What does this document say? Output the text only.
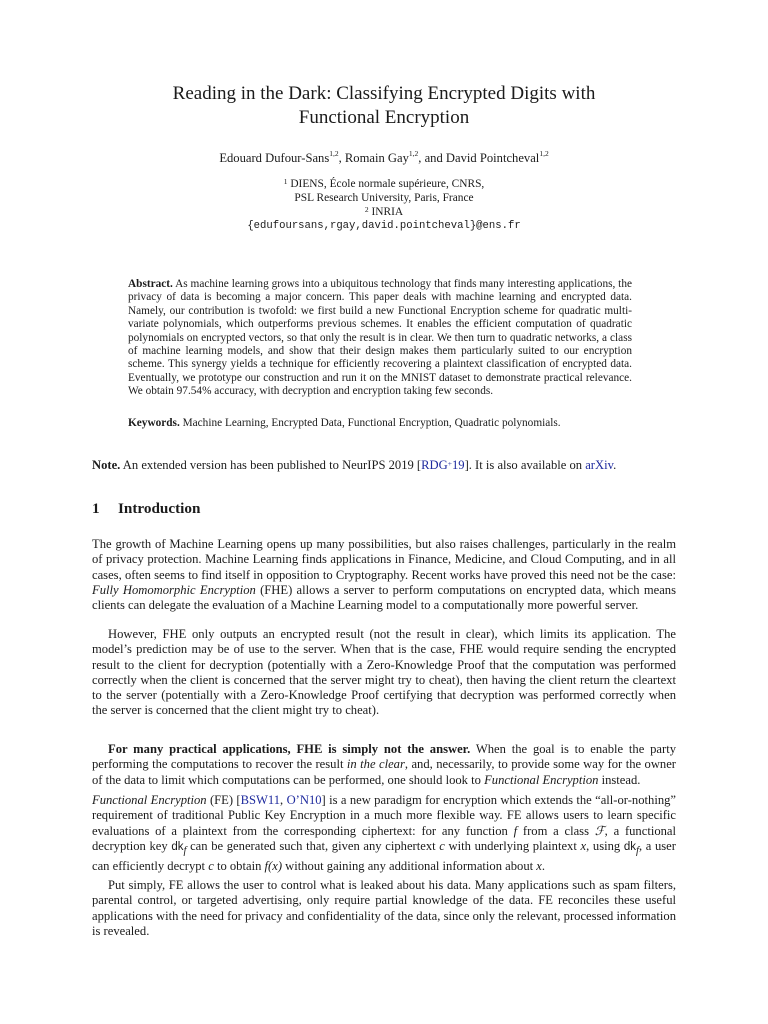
Reading in the Dark: Classifying Encrypted Digits with
Functional Encryption
Edouard Dufour-Sans$^{1,2}$, Romain Gay$^{1,2}$, and David Pointcheval$^{1,2}$
$^1$ DIENS, École normale supérieure, CNRS,
PSL Research University, Paris, France
$^2$ INRIA
{edufoursans,rgay,david.pointcheval}@ens.fr
Abstract. As machine learning grows into a ubiquitous technology that finds many interesting applications, the privacy of data is becoming a major concern. This paper deals with machine learning and encrypted data. Namely, our contribution is twofold: we first build a new Functional Encryption scheme for quadratic multi-variate polynomials, which outperforms previous schemes. It enables the efficient computation of quadratic polynomials on encrypted vectors, so that only the result is in clear. We then turn to quadratic networks, a class of machine learning models, and show that their design makes them particularly suited to our encryption scheme. This synergy yields a technique for efficiently recovering a plaintext classification of encrypted data. Eventually, we prototype our construction and run it on the MNIST dataset to demonstrate practical relevance. We obtain 97.54% accuracy, with decryption and encryption taking few seconds.
Keywords. Machine Learning, Encrypted Data, Functional Encryption, Quadratic polynomials.
Note. An extended version has been published to NeurIPS 2019 [RDG+19]. It is also available on arXiv.
1 Introduction

The growth of Machine Learning opens up many possibilities, but also raises challenges, particularly in the realm of privacy protection. Machine Learning finds applications in Finance, Medicine, and Cloud Computing, and in all cases, often seems to find itself in opposition to Cryptography. Recent works have proved this need not be the case: Fully Homomorphic Encryption (FHE) allows a server to perform computations on encrypted data, which means clients can delegate the evaluation of a Machine Learning model to a computationally more powerful server.

However, FHE only outputs an encrypted result (not the result in clear), which limits its application. The model’s prediction may be of use to the server. When that is the case, FHE would require sending the encrypted result to the client for decryption (potentially with a Zero-Knowledge Proof that the computation was performed correctly when the client is concerned that the server might try to cheat), then having the client return the cleartext to the server (potentially with a Zero-Knowledge Proof certifying that decryption was performed correctly when the server is concerned that the client might try to cheat).

For many practical applications, FHE is simply not the answer. When the goal is to enable the party performing the computations to recover the result in the clear, and, necessarily, to provide some way for the owner of the data to limit which computations can be performed, one should look to Functional Encryption instead.

Functional Encryption (FE) [BSW11, O’N10] is a new paradigm for encryption which extends the “all-or-nothing” requirement of traditional Public Key Encryption in a much more flexible way. FE allows users to learn specific evaluations of a plaintext from the corresponding ciphertext: for any function f from a class ℱ, a functional decryption key $dk_f$ can be generated such that, given any ciphertext c with underlying plaintext x, using $dk_f$, a user can efficiently decrypt c to obtain f(x) without gaining any additional information about x.

Put simply, FE allows the user to control what is leaked about his data. Many applications such as spam filters, parental control, or targeted advertising, only require partial knowledge of the data. FE reconciles these useful applications with the need for privacy and confidentiality of the data, since only the relevant, processed information is revealed.
